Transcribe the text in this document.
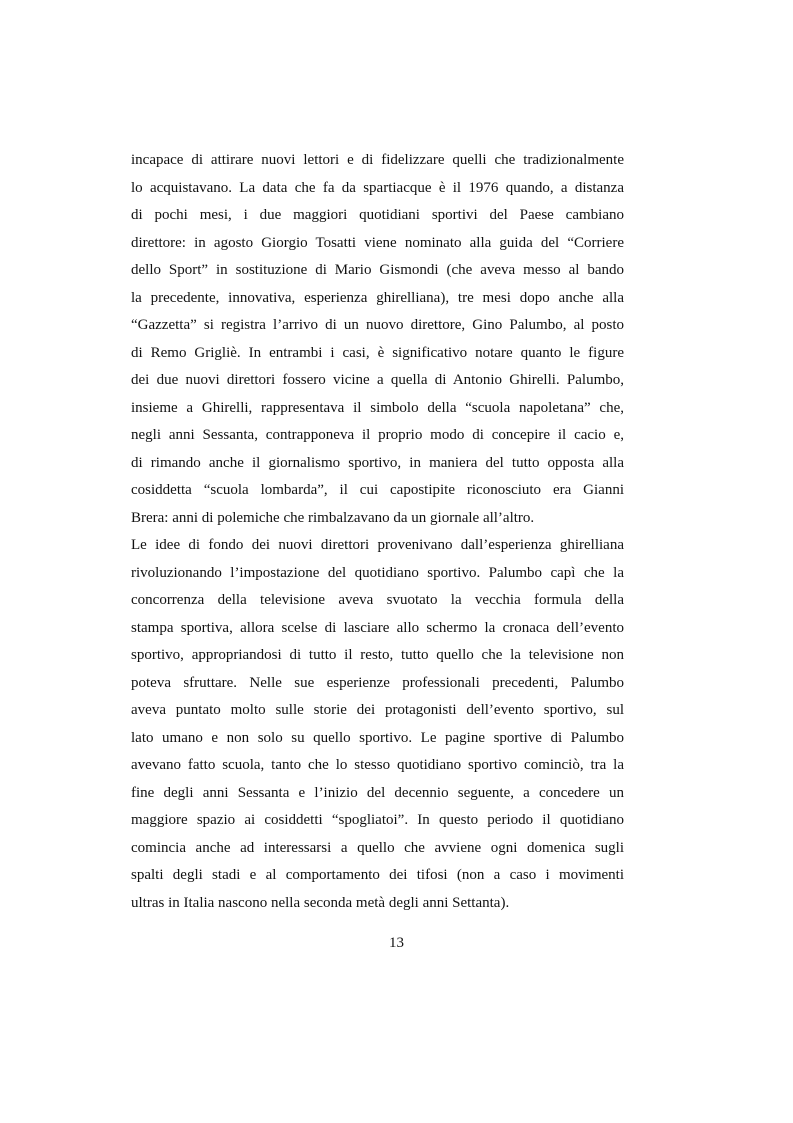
incapace di attirare nuovi lettori e di fidelizzare quelli che tradizionalmente
lo acquistavano. La data che fa da spartiacque è il 1976 quando, a distanza
di pochi mesi, i due maggiori quotidiani sportivi del Paese cambiano
direttore: in agosto Giorgio Tosatti viene nominato alla guida del “Corriere
dello Sport” in sostituzione di Mario Gismondi (che aveva messo al bando
la precedente, innovativa, esperienza ghirelliana), tre mesi dopo anche alla
“Gazzetta” si registra l’arrivo di un nuovo direttore, Gino Palumbo, al posto
di Remo Grigliè. In entrambi i casi, è significativo notare quanto le figure
dei due nuovi direttori fossero vicine a quella di Antonio Ghirelli. Palumbo,
insieme a Ghirelli, rappresentava il simbolo della “scuola napoletana” che,
negli anni Sessanta, contrapponeva il proprio modo di concepire il cacio e,
di rimando anche il giornalismo sportivo, in maniera del tutto opposta alla
cosiddetta “scuola lombarda”, il cui capostipite riconosciuto era Gianni
Brera: anni di polemiche che rimbalzavano da un giornale all’altro.
Le idee di fondo dei nuovi direttori provenivano dall’esperienza ghirelliana
rivoluzionando l’impostazione del quotidiano sportivo. Palumbo capì che la
concorrenza della televisione aveva svuotato la vecchia formula della
stampa sportiva, allora scelse di lasciare allo schermo la cronaca dell’evento
sportivo, appropriandosi di tutto il resto, tutto quello che la televisione non
poteva sfruttare. Nelle sue esperienze professionali precedenti, Palumbo
aveva puntato molto sulle storie dei protagonisti dell’evento sportivo, sul
lato umano e non solo su quello sportivo. Le pagine sportive di Palumbo
avevano fatto scuola, tanto che lo stesso quotidiano sportivo cominciò, tra la
fine degli anni Sessanta e l’inizio del decennio seguente, a concedere un
maggiore spazio ai cosiddetti “spogliatoi”. In questo periodo il quotidiano
comincia anche ad interessarsi a quello che avviene ogni domenica sugli
spalti degli stadi e al comportamento dei tifosi (non a caso i movimenti
ultras in Italia nascono nella seconda metà degli anni Settanta).
13
